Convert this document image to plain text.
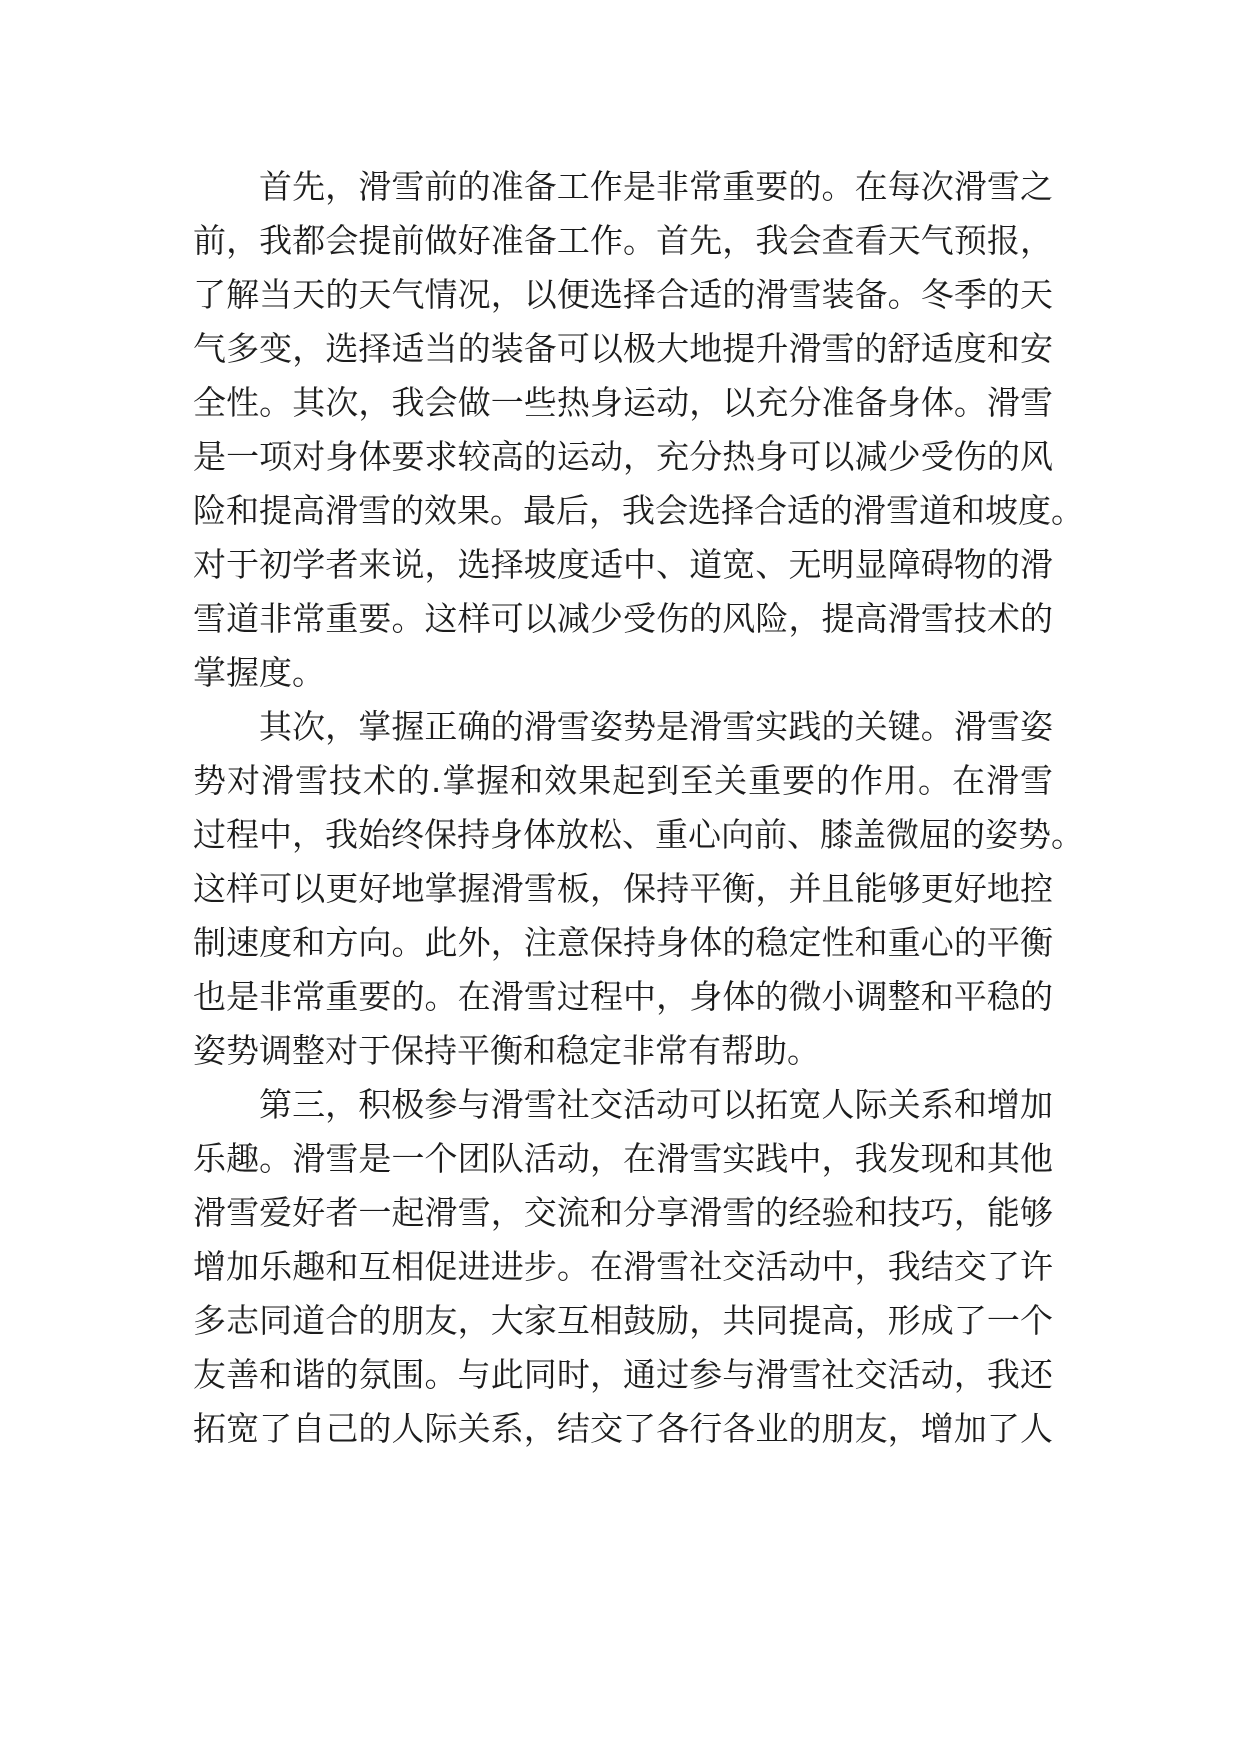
首先，滑雪前的准备工作是非常重要的。在每次滑雪之
前，我都会提前做好准备工作。首先，我会查看天气预报，
了解当天的天气情况，以便选择合适的滑雪装备。冬季的天
气多变，选择适当的装备可以极大地提升滑雪的舒适度和安
全性。其次，我会做一些热身运动，以充分准备身体。滑雪
是一项对身体要求较高的运动，充分热身可以减少受伤的风
险和提高滑雪的效果。最后，我会选择合适的滑雪道和坡度。
对于初学者来说，选择坡度适中、道宽、无明显障碍物的滑
雪道非常重要。这样可以减少受伤的风险，提高滑雪技术的
掌握度。
其次，掌握正确的滑雪姿势是滑雪实践的关键。滑雪姿
势对滑雪技术的.掌握和效果起到至关重要的作用。在滑雪
过程中，我始终保持身体放松、重心向前、膝盖微屈的姿势。
这样可以更好地掌握滑雪板，保持平衡，并且能够更好地控
制速度和方向。此外，注意保持身体的稳定性和重心的平衡
也是非常重要的。在滑雪过程中，身体的微小调整和平稳的
姿势调整对于保持平衡和稳定非常有帮助。
第三，积极参与滑雪社交活动可以拓宽人际关系和增加
乐趣。滑雪是一个团队活动，在滑雪实践中，我发现和其他
滑雪爱好者一起滑雪，交流和分享滑雪的经验和技巧，能够
增加乐趣和互相促进进步。在滑雪社交活动中，我结交了许
多志同道合的朋友，大家互相鼓励，共同提高，形成了一个
友善和谐的氛围。与此同时，通过参与滑雪社交活动，我还
拓宽了自己的人际关系，结交了各行各业的朋友，增加了人
